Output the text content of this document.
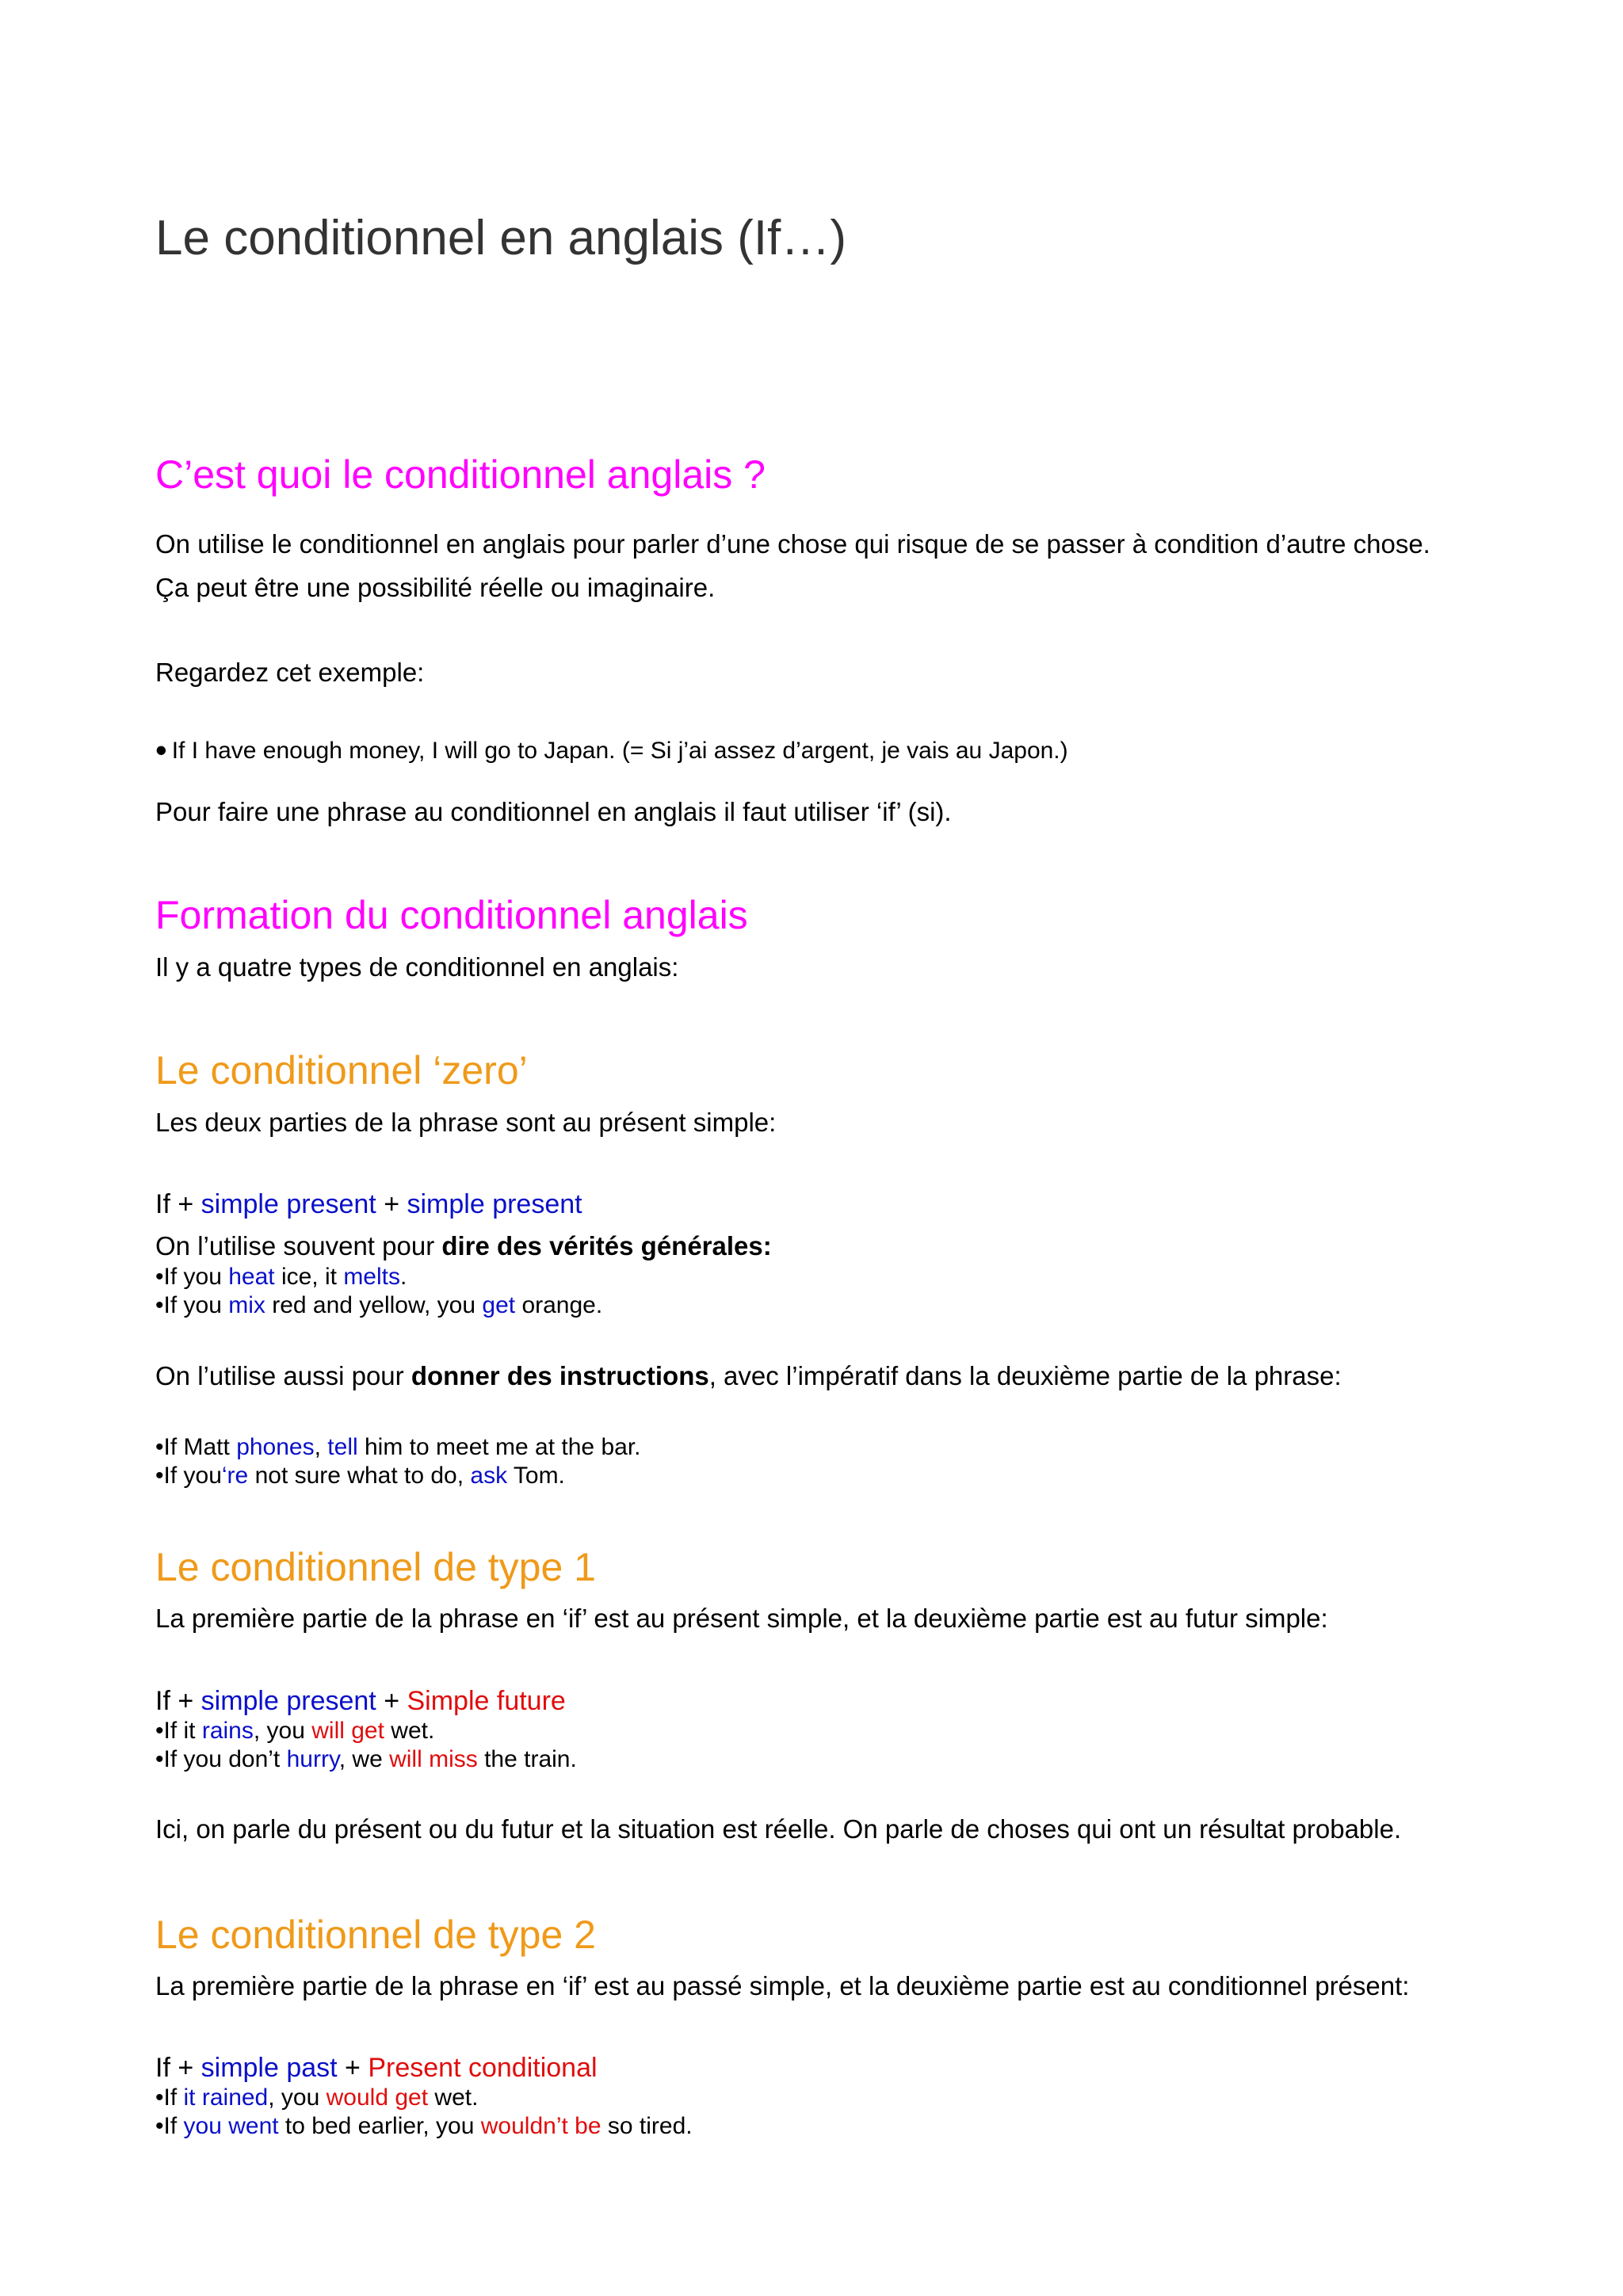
Le conditionnel en anglais (If…)
C’est quoi le conditionnel anglais ?
On utilise le conditionnel en anglais pour parler d’une chose qui risque de se passer à condition d’autre chose.
Ça peut être une possibilité réelle ou imaginaire.
Regardez cet exemple:
• If I have enough money, I will go to Japan. (= Si j’ai assez d’argent, je vais au Japon.)
Pour faire une phrase au conditionnel en anglais il faut utiliser ‘if’ (si).
Formation du conditionnel anglais
Il y a quatre types de conditionnel en anglais:
Le conditionnel ‘zero’
Les deux parties de la phrase sont au présent simple:
If + simple present + simple present
On l’utilise souvent pour dire des vérités générales:
•If you heat ice, it melts.
•If you mix red and yellow, you get orange.
On l’utilise aussi pour donner des instructions, avec l’impératif dans la deuxième partie de la phrase:
•If Matt phones, tell him to meet me at the bar.
•If you‘re not sure what to do, ask Tom.
Le conditionnel de type 1
La première partie de la phrase en ‘if’ est au présent simple, et la deuxième partie est au futur simple:
If + simple present + Simple future
•If it rains, you will get wet.
•If you don’t hurry, we will miss the train.
Ici, on parle du présent ou du futur et la situation est réelle. On parle de choses qui ont un résultat probable.
Le conditionnel de type 2
La première partie de la phrase en ‘if’ est au passé simple, et la deuxième partie est au conditionnel présent:
If + simple past + Present conditional
•If it rained, you would get wet.
•If you went to bed earlier, you wouldn’t be so tired.
